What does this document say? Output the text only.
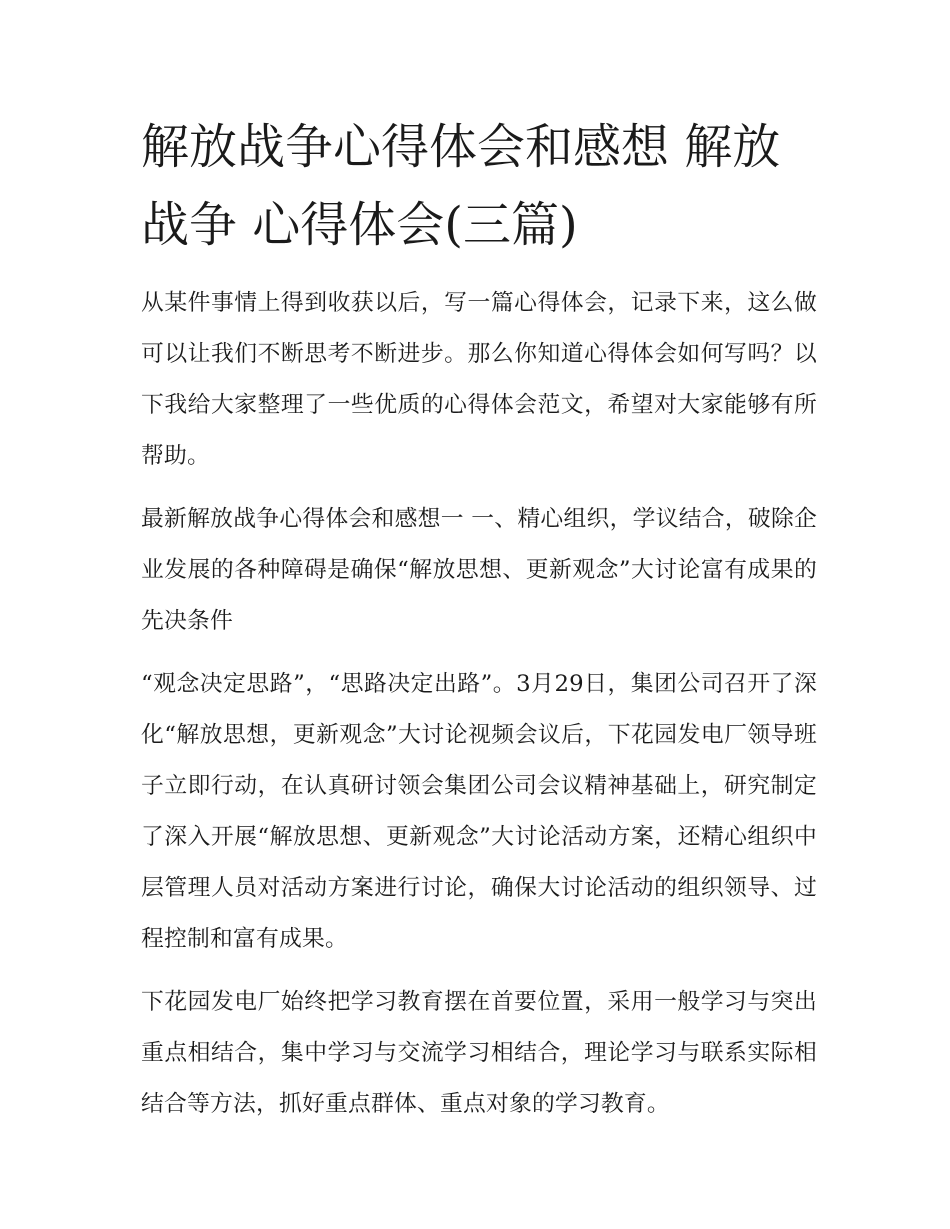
解放战争心得体会和感想 解放战争 心得体会(三篇)

从某件事情上得到收获以后，写一篇心得体会，记录下来，这么做可以让我们不断思考不断进步。那么你知道心得体会如何写吗？以下我给大家整理了一些优质的心得体会范文，希望对大家能够有所帮助。

最新解放战争心得体会和感想一 一、精心组织，学议结合，破除企业发展的各种障碍是确保“解放思想、更新观念”大讨论富有成果的先决条件

“观念决定思路”，“思路决定出路”。3月29日，集团公司召开了深化“解放思想，更新观念”大讨论视频会议后，下花园发电厂领导班子立即行动，在认真研讨领会集团公司会议精神基础上，研究制定了深入开展“解放思想、更新观念”大讨论活动方案，还精心组织中层管理人员对活动方案进行讨论，确保大讨论活动的组织领导、过程控制和富有成果。

下花园发电厂始终把学习教育摆在首要位置，采用一般学习与突出重点相结合，集中学习与交流学习相结合，理论学习与联系实际相结合等方法，抓好重点群体、重点对象的学习教育。
